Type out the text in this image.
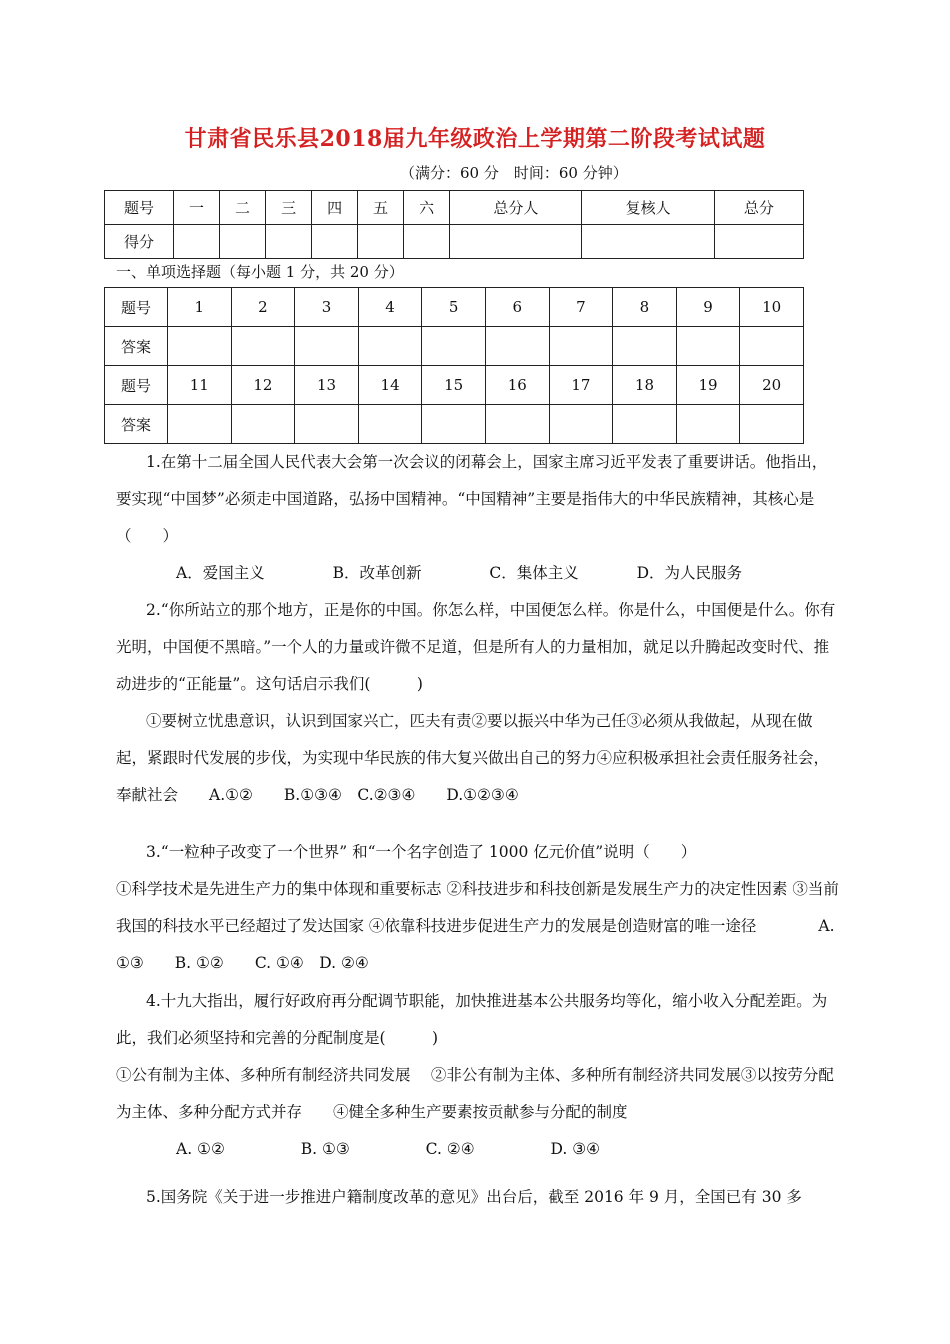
甘肃省民乐县2018届九年级政治上学期第二阶段考试试题
（满分：60 分　时间：60 分钟）
题号	一	二	三	四	五	六	总分人	复核人	总分
得分									
一、单项选择题（每小题 1 分，共 20 分）
题号	1	2	3	4	5	6	7	8	9	10
答案										
题号	11	12	13	14	15	16	17	18	19	20
答案										

1.在第十二届全国人民代表大会第一次会议的闭幕会上，国家主席习近平发表了重要讲话。他指出，要实现“中国梦”必须走中国道路，弘扬中国精神。“中国精神”主要是指伟大的中华民族精神，其核心是（　　）

A．爱国主义	B．改革创新	C．集体主义	D．为人民服务

2.“你所站立的那个地方，正是你的中国。你怎么样，中国便怎么样。你是什么，中国便是什么。你有光明，中国便不黑暗。”一个人的力量或许微不足道，但是所有人的力量相加，就足以升腾起改变时代、推动进步的“正能量”。这句话启示我们(　　　)

①要树立忧患意识，认识到国家兴亡，匹夫有责②要以振兴中华为己任③必须从我做起，从现在做起，紧跟时代发展的步伐，为实现中华民族的伟大复兴做出自己的努力④应积极承担社会责任服务社会，奉献社会　　A.①②　　B.①③④　C.②③④　　D.①②③④

3.“一粒种子改变了一个世界” 和“一个名字创造了 1000 亿元价值”说明（　　）

①科学技术是先进生产力的集中体现和重要标志 ②科技进步和科技创新是发展生产力的决定性因素 ③当前我国的科技水平已经超过了发达国家 ④依靠科技进步促进生产力的发展是创造财富的唯一途径　　　　A. ①③　　B. ①②　　C. ①④　D. ②④

4.十九大指出，履行好政府再分配调节职能，加快推进基本公共服务均等化，缩小收入分配差距。为此，我们必须坚持和完善的分配制度是(　　　)

①公有制为主体、多种所有制经济共同发展　 ②非公有制为主体、多种所有制经济共同发展③以按劳分配为主体、多种分配方式并存　　④健全多种生产要素按贡献参与分配的制度

A. ①②	B. ①③	C. ②④	D. ③④

5.国务院《关于进一步推进户籍制度改革的意见》出台后，截至 2016 年 9 月，全国已有 30 多
